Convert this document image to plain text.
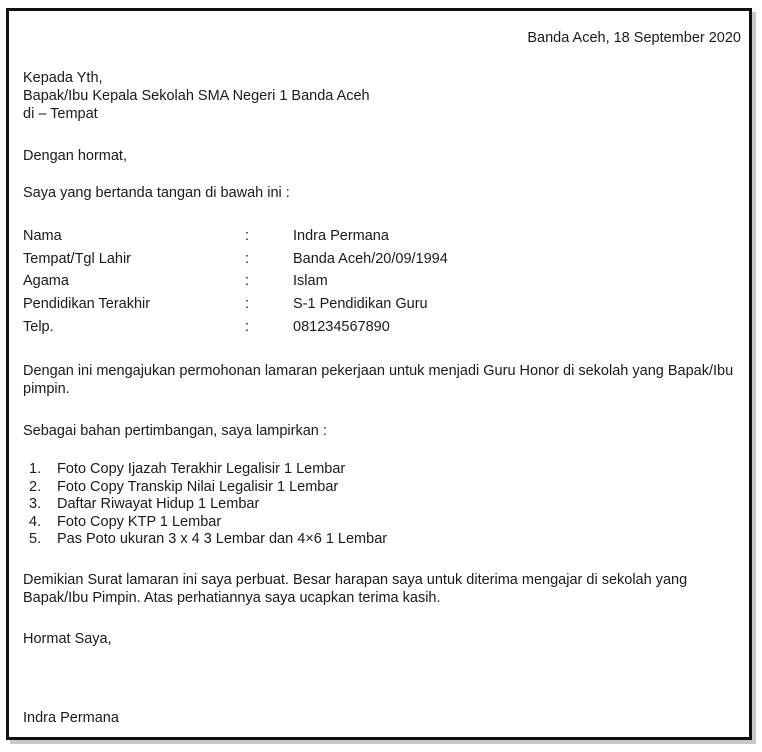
Banda Aceh, 18 September 2020
Kepada Yth,
Bapak/Ibu Kepala Sekolah SMA Negeri 1 Banda Aceh
di – Tempat
Dengan hormat,
Saya yang bertanda tangan di bawah ini :
Nama	:	Indra Permana
Tempat/Tgl Lahir	:	Banda Aceh/20/09/1994
Agama	:	Islam
Pendidikan Terakhir	:	S-1 Pendidikan Guru
Telp.	:	081234567890
Dengan ini mengajukan permohonan lamaran pekerjaan untuk menjadi Guru Honor di sekolah yang Bapak/Ibu pimpin.
Sebagai bahan pertimbangan, saya lampirkan :
1. Foto Copy Ijazah Terakhir Legalisir 1 Lembar
2. Foto Copy Transkip Nilai Legalisir 1 Lembar
3. Daftar Riwayat Hidup 1 Lembar
4. Foto Copy KTP 1 Lembar
5. Pas Poto ukuran 3 x 4 3 Lembar dan 4×6 1 Lembar
Demikian Surat lamaran ini saya perbuat. Besar harapan saya untuk diterima mengajar di sekolah yang Bapak/Ibu Pimpin. Atas perhatiannya saya ucapkan terima kasih.
Hormat Saya,
Indra Permana
